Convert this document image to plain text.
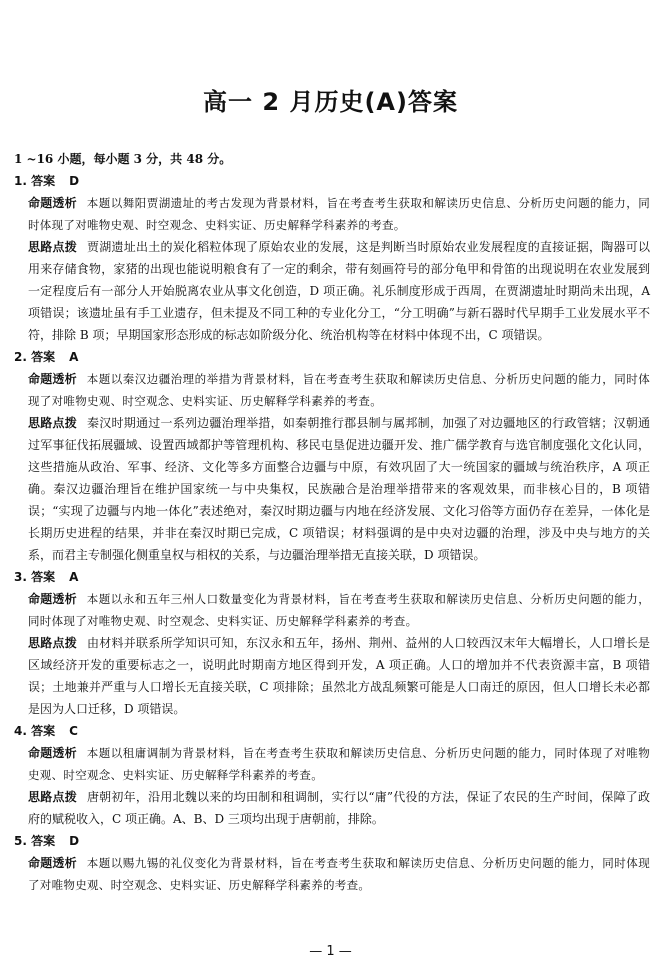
高一 2 月历史(A)答案

1 ~16 小题，每小题 3 分，共 48 分。

1. 答案 D

命题透析 本题以舞阳贾湖遗址的考古发现为背景材料，旨在考查考生获取和解读历史信息、分析历史问题的能力，同时体现了对唯物史观、时空观念、史料实证、历史解释学科素养的考查。

思路点拨 贾湖遗址出土的炭化稻粒体现了原始农业的发展，这是判断当时原始农业发展程度的直接证据，陶器可以用来存储食物，家猪的出现也能说明粮食有了一定的剩余，带有刻画符号的部分龟甲和骨笛的出现说明在农业发展到一定程度后有一部分人开始脱离农业从事文化创造，D 项正确。礼乐制度形成于西周，在贾湖遗址时期尚未出现，A 项错误；该遗址虽有手工业遗存，但未提及不同工种的专业化分工，“分工明确”与新石器时代早期手工业发展水平不符，排除 B 项；早期国家形态形成的标志如阶级分化、统治机构等在材料中体现不出，C 项错误。

2. 答案 A

命题透析 本题以秦汉边疆治理的举措为背景材料，旨在考查考生获取和解读历史信息、分析历史问题的能力，同时体现了对唯物史观、时空观念、史料实证、历史解释学科素养的考查。

思路点拨 秦汉时期通过一系列边疆治理举措，如秦朝推行郡县制与属邦制，加强了对边疆地区的行政管辖；汉朝通过军事征伐拓展疆域、设置西域都护等管理机构、移民屯垦促进边疆开发、推广儒学教育与选官制度强化文化认同，这些措施从政治、军事、经济、文化等多方面整合边疆与中原，有效巩固了大一统国家的疆域与统治秩序，A 项正确。秦汉边疆治理旨在维护国家统一与中央集权，民族融合是治理举措带来的客观效果，而非核心目的，B 项错误；“实现了边疆与内地一体化”表述绝对，秦汉时期边疆与内地在经济发展、文化习俗等方面仍存在差异，一体化是长期历史进程的结果，并非在秦汉时期已完成，C 项错误；材料强调的是中央对边疆的治理，涉及中央与地方的关系，而君主专制强化侧重皇权与相权的关系，与边疆治理举措无直接关联，D 项错误。

3. 答案 A

命题透析 本题以永和五年三州人口数量变化为背景材料，旨在考查考生获取和解读历史信息、分析历史问题的能力，同时体现了对唯物史观、时空观念、史料实证、历史解释学科素养的考查。

思路点拨 由材料并联系所学知识可知，东汉永和五年，扬州、荆州、益州的人口较西汉末年大幅增长，人口增长是区域经济开发的重要标志之一，说明此时期南方地区得到开发，A 项正确。人口的增加并不代表资源丰富，B 项错误；土地兼并严重与人口增长无直接关联，C 项排除；虽然北方战乱频繁可能是人口南迁的原因，但人口增长未必都是因为人口迁移，D 项错误。

4. 答案 C

命题透析 本题以租庸调制为背景材料，旨在考查考生获取和解读历史信息、分析历史问题的能力，同时体现了对唯物史观、时空观念、史料实证、历史解释学科素养的考查。

思路点拨 唐朝初年，沿用北魏以来的均田制和租调制，实行以“庸”代役的方法，保证了农民的生产时间，保障了政府的赋税收入，C 项正确。A、B、D 三项均出现于唐朝前，排除。

5. 答案 D

命题透析 本题以赐九锡的礼仪变化为背景材料，旨在考查考生获取和解读历史信息、分析历史问题的能力，同时体现了对唯物史观、时空观念、史料实证、历史解释学科素养的考查。

— 1 —
